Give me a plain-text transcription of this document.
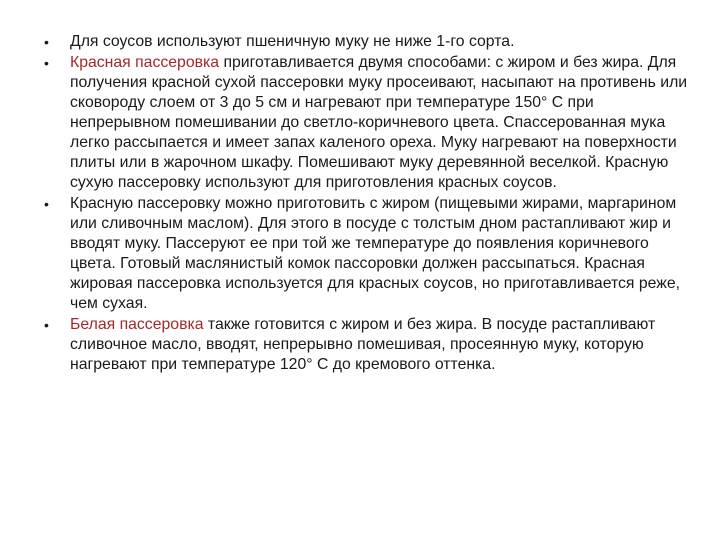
•	Для соусов используют пшеничную муку не ниже 1-го сорта.
•	Красная пассеровка приготавливается двумя способами: с жиром и без жира. Для получения красной сухой пассеровки муку просеивают, насыпают на противень или сковороду слоем от 3 до 5 см и нагревают при температуре 150° С при непрерывном помешивании до светло-коричневого цвета. Спассерованная мука легко рассыпается и имеет запах каленого ореха. Муку нагревают на поверхности плиты или в жарочном шкафу. Помешивают муку деревянной веселкой. Красную сухую пассеровку используют для приготовления красных соусов.
•	Красную пассеровку можно приготовить с жиром (пищевыми жирами, маргарином или сливочным маслом). Для этого в посуде с толстым дном растапливают жир и вводят муку. Пассеруют ее при той же температуре до появления коричневого цвета. Готовый маслянистый комок пассоровки должен рассыпаться. Красная жировая пассеровка используется для красных соусов, но приготавливается реже, чем сухая.
•	Белая пассеровка также готовится с жиром и без жира. В посуде растапливают сливочное масло, вводят, непрерывно помешивая, просеянную муку, которую нагревают при температуре 120° С до кремового оттенка.
